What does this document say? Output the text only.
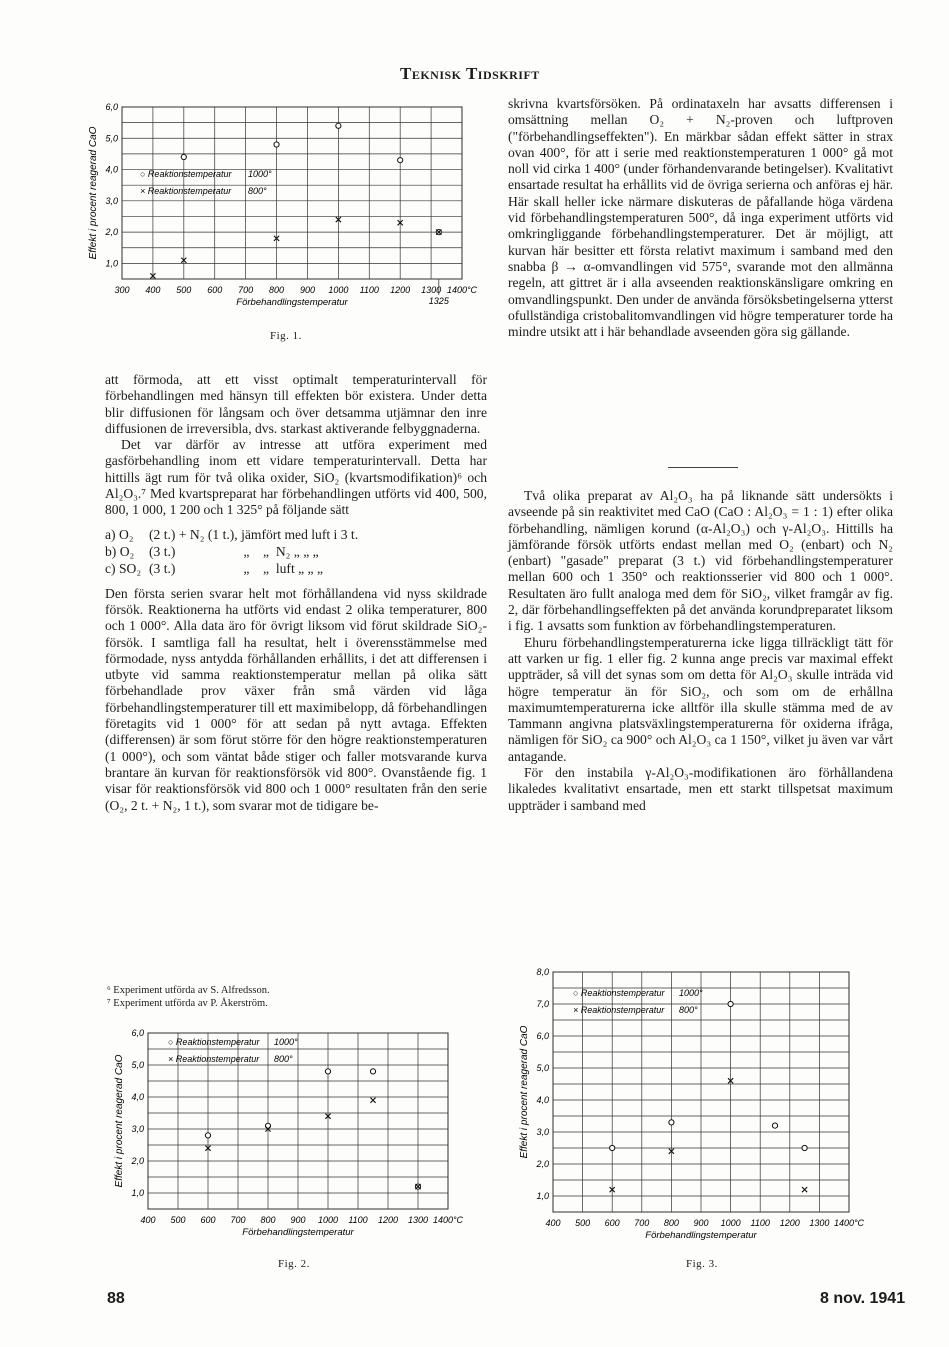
Teknisk Tidskrift
6,0
5,0
4,0
3,0
2,0
1,0
300 400 500 600 700 800 900 1000 1100 1200 1300 1400°C
1325
Förbehandlingstemperatur
Effekt i procent reagerad CaO	○ Reaktionstemperatur 1000°
× Reaktionstemperatur 800°
Fig. 1.

att förmoda, att ett visst optimalt temperaturintervall för förbehandlingen med hänsyn till effekten bör existera. Under detta blir diffusionen för långsam och över detsamma utjämnar den inre diffusionen de irreversibla, dvs. starkast aktiverande felbyggnaderna.

Det var därför av intresse att utföra experiment med gasförbehandling inom ett vidare temperaturintervall. Detta har hittills ägt rum för två olika oxider, SiO₂ (kvartsmodifikation)⁶ och Al₂O₃.⁷ Med kvartspreparat har förbehandlingen utförts vid 400, 500, 800, 1 000, 1 200 och 1 325° på följande sätt

a) O₂	(2 t.) + N₂ (1 t.), jämfört med luft i 3 t.
b) O₂	(3 t.)                    „    „  N₂ „ „ „
c) SO₂ (3 t.)                    „    „  luft „ „ „

Den första serien svarar helt mot förhållandena vid nyss skildrade försök. Reaktionerna ha utförts vid endast 2 olika temperaturer, 800 och 1 000°. Alla data äro för övrigt liksom vid förut skildrade SiO₂-försök. I samtliga fall ha resultat, helt i överensstämmelse med förmodade, nyss antydda förhållanden erhållits, i det att differensen i utbyte vid samma reaktionstemperatur mellan på olika sätt förbehandlade prov växer från små värden vid låga förbehandlingstemperaturer till ett maximibelopp, då förbehandlingen företagits vid 1 000° för att sedan på nytt avtaga. Effekten (differensen) är som förut större för den högre reaktionstemperaturen (1 000°), och som väntat både stiger och faller motsvarande kurva brantare än kurvan för reaktionsförsök vid 800°. Ovanstående fig. 1 visar för reaktionsförsök vid 800 och 1 000° resultaten från den serie (O₂, 2 t. + N₂, 1 t.), som svarar mot de tidigare be-

skrivna kvartsförsöken. På ordinataxeln har avsatts differensen i omsättning mellan O₂ + N₂-proven och luftproven ("förbehandlingseffekten"). En märkbar sådan effekt sätter in strax ovan 400°, för att i serie med reaktionstemperaturen 1 000° gå mot noll vid cirka 1 400° (under förhandenvarande betingelser). Kvalitativt ensartade resultat ha erhållits vid de övriga serierna och anföras ej här. Här skall heller icke närmare diskuteras de påfallande höga värdena vid förbehandlingstemperaturen 500°, då inga experiment utförts vid omkringliggande förbehandlingstemperaturer. Det är möjligt, att kurvan här besitter ett första relativt maximum i samband med den snabba β → α-omvandlingen vid 575°, svarande mot den allmänna regeln, att gittret är i alla avseenden reaktionskänsligare omkring en omvandlingspunkt. Den under de använda försöksbetingelserna ytterst ofullständiga cristobalitomvandlingen vid högre temperaturer torde ha mindre utsikt att i här behandlade avseenden göra sig gällande.

Två olika preparat av Al₂O₃ ha på liknande sätt undersökts i avseende på sin reaktivitet med CaO (CaO : Al₂O₃ = 1 : 1) efter olika förbehandling, nämligen korund (α-Al₂O₃) och γ-Al₂O₃. Hittills ha jämförande försök utförts endast mellan med O₂ (enbart) och N₂ (enbart) "gasade" preparat (3 t.) vid förbehandlingstemperaturer mellan 600 och 1 350° och reaktionsserier vid 800 och 1 000°. Resultaten äro fullt analoga med dem för SiO₂, vilket framgår av fig. 2, där förbehandlingseffekten på det använda korundpreparatet liksom i fig. 1 avsatts som funktion av förbehandlingstemperaturen.

Ehuru förbehandlingstemperaturerna icke ligga tillräckligt tätt för att varken ur fig. 1 eller fig. 2 kunna ange precis var maximal effekt uppträder, så vill det synas som om detta för Al₂O₃ skulle inträda vid högre temperatur än för SiO₂, och som om de erhållna maximumtemperaturerna icke alltför illa skulle stämma med de av Tammann angivna platsväxlingstemperaturerna för oxiderna ifråga, nämligen för SiO₂ ca 900° och Al₂O₃ ca 1 150°, vilket ju även var vårt antagande.

För den instabila γ-Al₂O₃-modifikationen äro förhållandena likaledes kvalitativt ensartade, men ett starkt tillspetsat maximum uppträder i samband med

⁶ Experiment utförda av S. Alfredsson.
⁷ Experiment utförda av P. Åkerström.
6,0
5,0
4,0
3,0
2,0
1,0
400 500 600 700 800 900 1000 1100 1200 1300 1400°C
Förbehandlingstemperatur
Effekt i procent reagerad CaO
○ Reaktionstemperatur 1000°
× Reaktionstemperatur 800°
Fig. 2.
8,0
7,0
6,0
5,0
4,0
3,0
2,0
1,0
400 500 600 700 800 900 1000 1100 1200 1300 1400°C
Förbehandlingstemperatur
Effekt i procent reagerad CaO
○ Reaktionstemperatur 1000°
× Reaktionstemperatur 800°
Fig. 3.
88	8 nov. 1941
